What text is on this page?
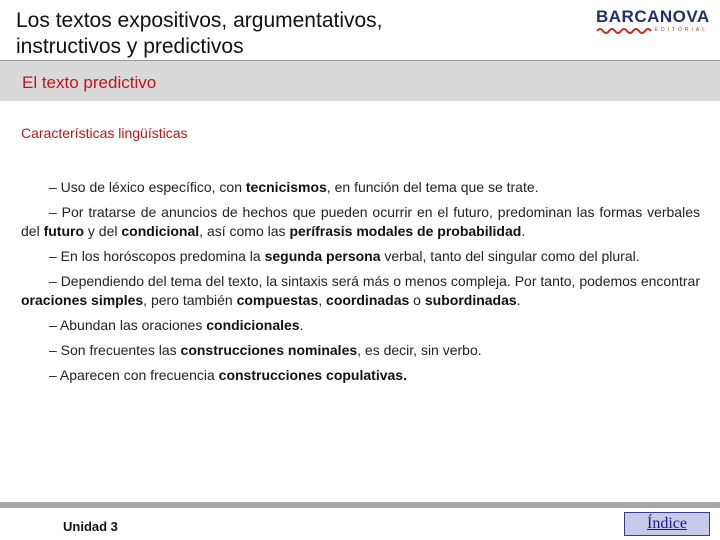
Los textos expositivos, argumentativos,
instructivos y predictivos
BARCANOVA
EDITORIAL
El texto predictivo
Características lingüísticas

– Uso de léxico específico, con tecnicismos, en función del tema que se trate.

– Por tratarse de anuncios de hechos que pueden ocurrir en el futuro, predominan las formas verbales del futuro y del condicional, así como las perífrasis modales de probabilidad.

– En los horóscopos predomina la segunda persona verbal, tanto del singular como del plural.

– Dependiendo del tema del texto, la sintaxis será más o menos compleja. Por tanto, podemos encontrar oraciones simples, pero también compuestas, coordinadas o subordinadas.

– Abundan las oraciones condicionales.

– Son frecuentes las construcciones nominales, es decir, sin verbo.

– Aparecen con frecuencia construcciones copulativas.

Unidad 3	Índice
